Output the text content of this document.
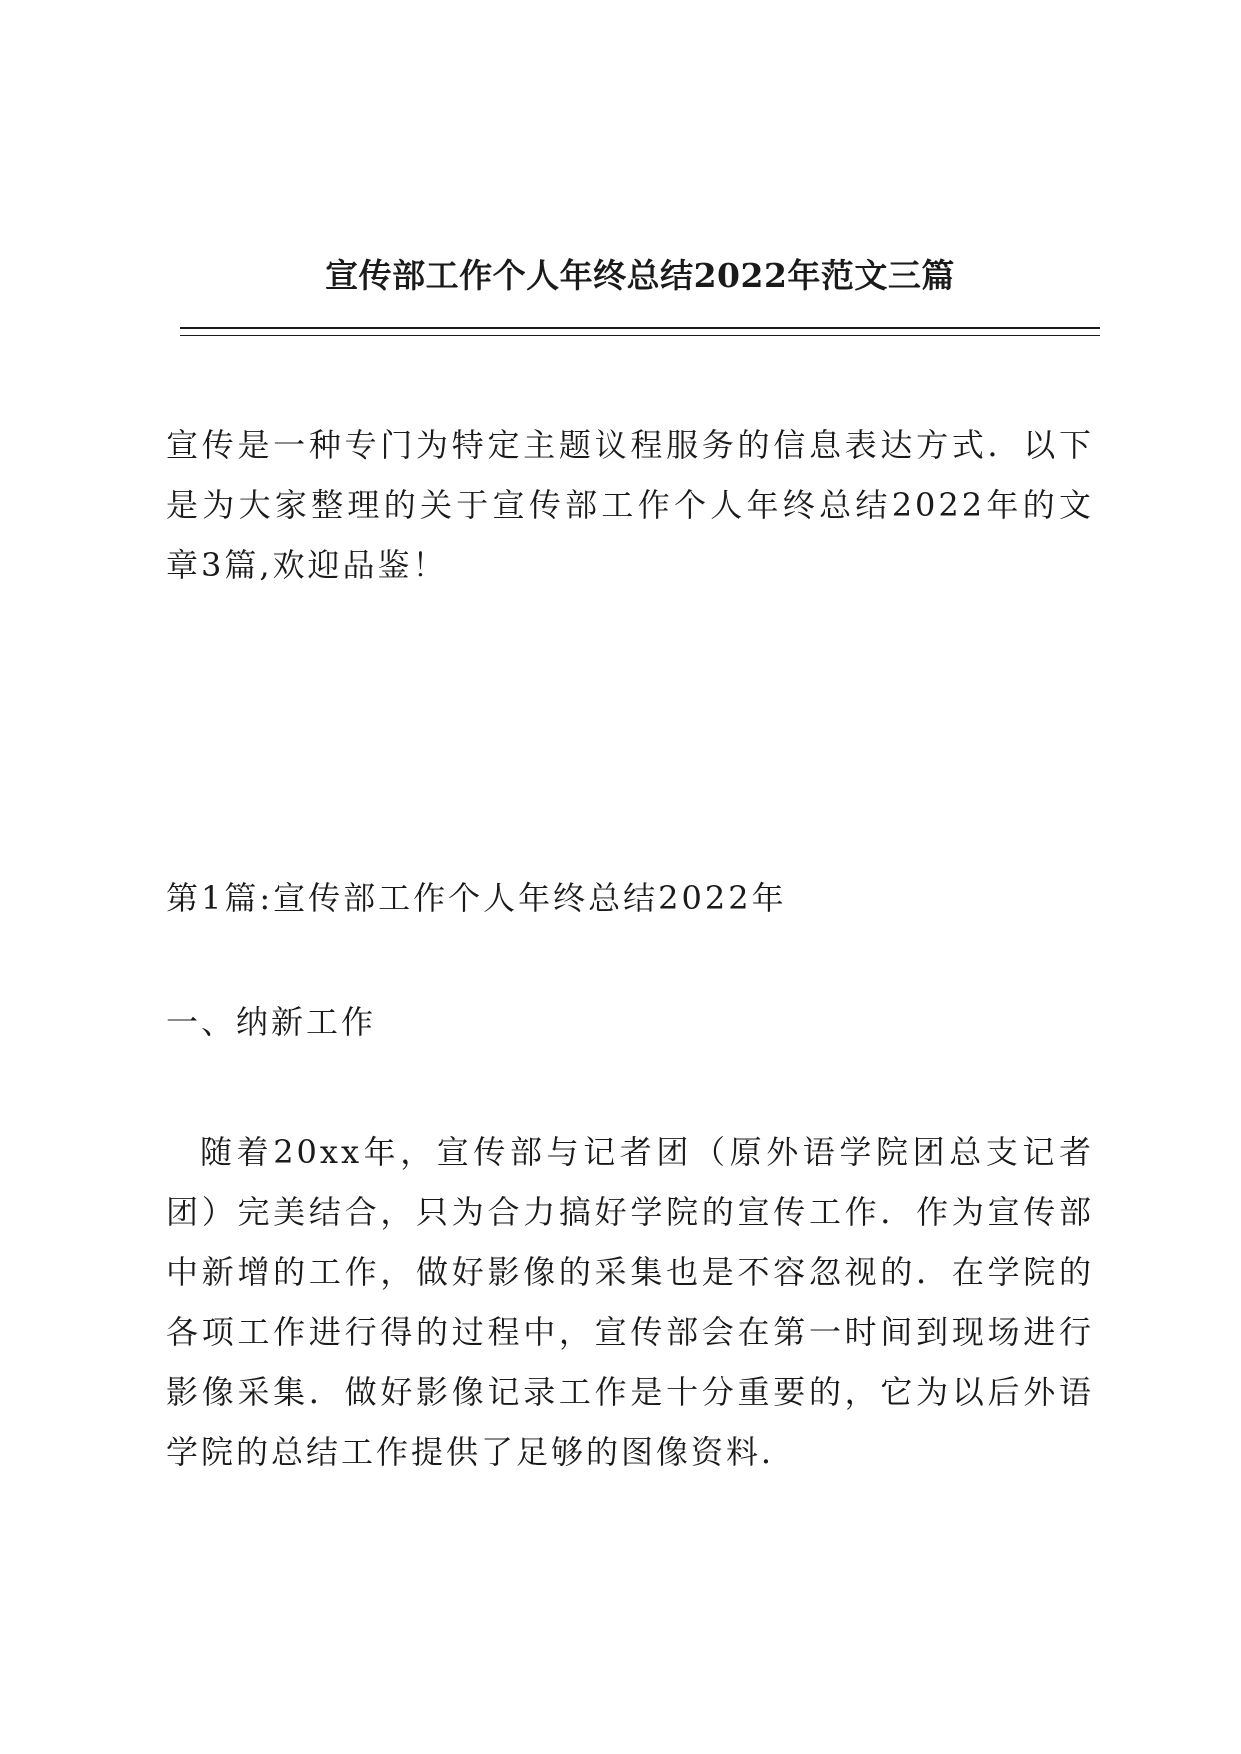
宣传部工作个人年终总结2022年范文三篇

宣传是一种专门为特定主题议程服务的信息表达方式．以下是为大家整理的关于宣传部工作个人年终总结2022年的文章3篇,欢迎品鉴！

第1篇:宣传部工作个人年终总结2022年

一、纳新工作

随着20xx年，宣传部与记者团（原外语学院团总支记者团）完美结合，只为合力搞好学院的宣传工作．作为宣传部中新增的工作，做好影像的采集也是不容忽视的．在学院的各项工作进行得的过程中，宣传部会在第一时间到现场进行影像采集．做好影像记录工作是十分重要的，它为以后外语学院的总结工作提供了足够的图像资料．
